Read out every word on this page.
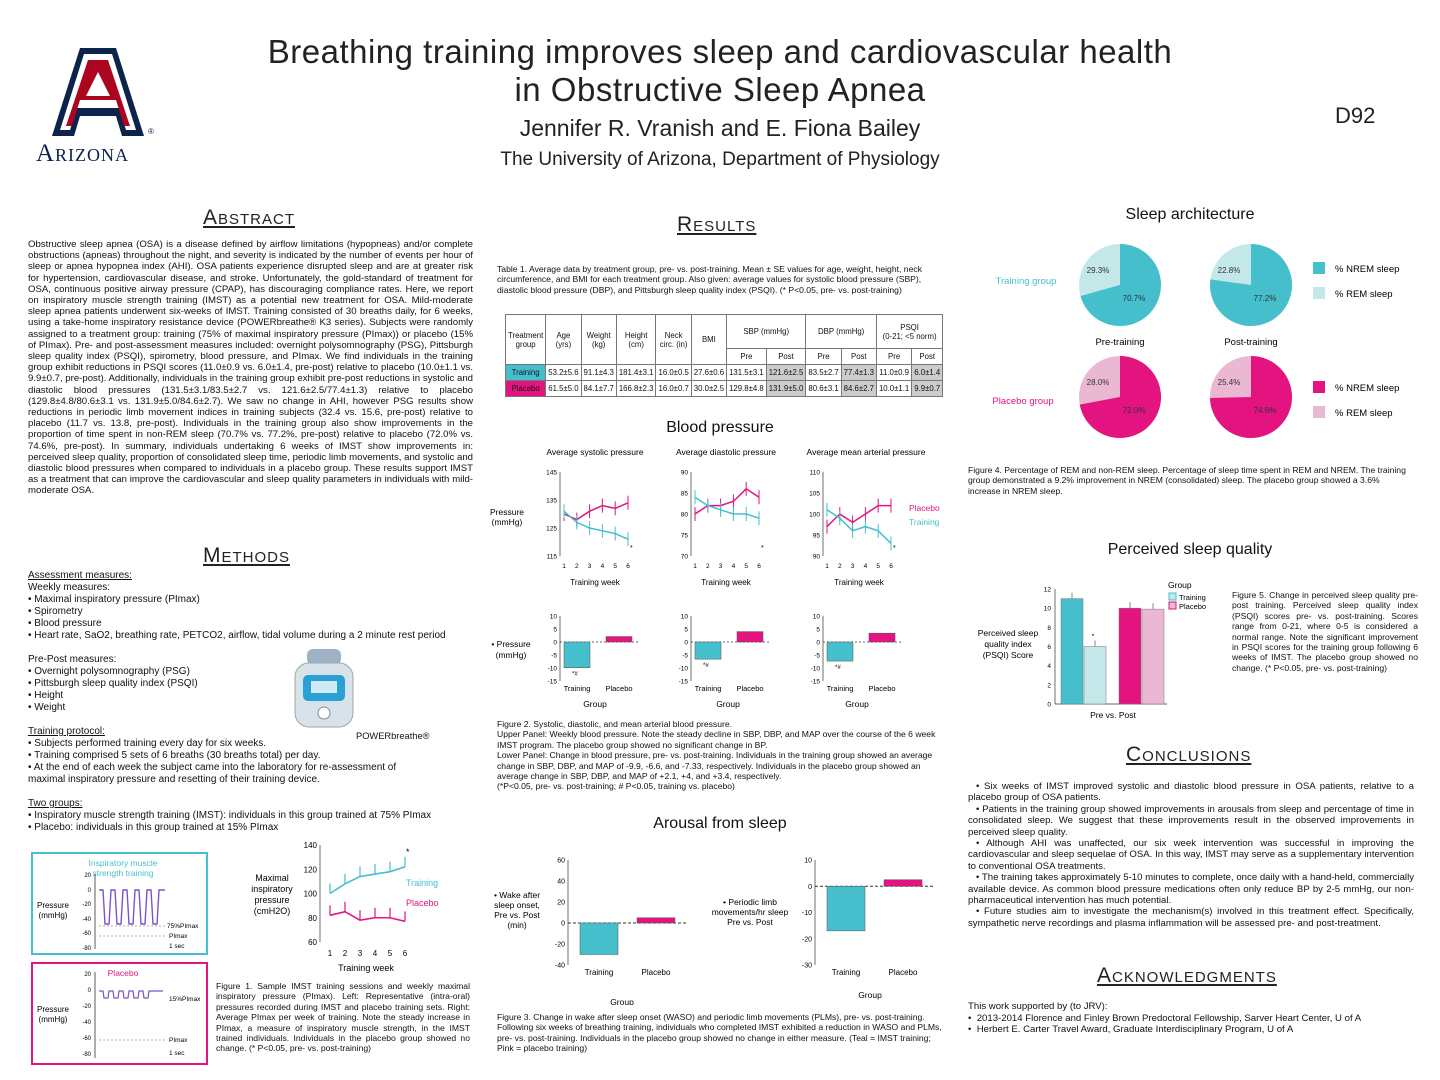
®
Arizona
Breathing training improves sleep and cardiovascular health
in Obstructive Sleep Apnea
Jennifer R. Vranish and E. Fiona Bailey
The University of Arizona, Department of Physiology
D92
Abstract
Obstructive sleep apnea (OSA) is a disease defined by airflow limitations (hypopneas) and/or complete obstructions (apneas) throughout the night, and severity is indicated by the number of events per hour of sleep or apnea hypopnea index (AHI). OSA patients experience disrupted sleep and are at greater risk for hypertension, cardiovascular disease, and stroke. Unfortunately, the gold-standard of treatment for OSA, continuous positive airway pressure (CPAP), has discouraging compliance rates. Here, we report on inspiratory muscle strength training (IMST) as a potential new treatment for OSA. Mild-moderate sleep apnea patients underwent six-weeks of IMST. Training consisted of 30 breaths daily, for 6 weeks, using a take-home inspiratory resistance device (POWERbreathe® K3 series). Subjects were randomly assigned to a treatment group: training (75% of maximal inspiratory pressure (PImax)) or placebo (15% of PImax). Pre- and post-assessment measures included: overnight polysomnography (PSG), Pittsburgh sleep quality index (PSQI), spirometry, blood pressure, and PImax. We find individuals in the training group exhibit reductions in PSQI scores (11.0±0.9 vs. 6.0±1.4, pre-post) relative to placebo (10.0±1.1 vs. 9.9±0.7, pre-post). Additionally, individuals in the training group exhibit pre-post reductions in systolic and diastolic blood pressures (131.5±3.1/83.5±2.7 vs. 121.6±2.5/77.4±1.3) relative to placebo (129.8±4.8/80.6±3.1 vs. 131.9±5.0/84.6±2.7). We saw no change in AHI, however PSG results show reductions in periodic limb movement indices in training subjects (32.4 vs. 15.6, pre-post) relative to placebo (11.7 vs. 13.8, pre-post). Individuals in the training group also show improvements in the proportion of time spent in non-REM sleep (70.7% vs. 77.2%, pre-post) relative to placebo (72.0% vs. 74.6%, pre-post). In summary, individuals undertaking 6 weeks of IMST show improvements in: perceived sleep quality, proportion of consolidated sleep time, periodic limb movements, and systolic and diastolic blood pressures when compared to individuals in a placebo group. These results support IMST as a treatment that can improve the cardiovascular and sleep quality parameters in individuals with mild-moderate OSA.
Methods
Assessment measures:
Weekly measures:
• Maximal inspiratory pressure (PImax)
• Spirometry
• Blood pressure
• Heart rate, SaO2, breathing rate, PETCO2, airflow, tidal volume during a 2 minute rest period
Pre-Post measures:
• Overnight polysomnography (PSG)
• Pittsburgh sleep quality index (PSQI)
• Height
• Weight
Training protocol:
• Subjects performed training every day for six weeks.
• Training comprised 5 sets of 6 breaths (30 breaths total) per day.
• At the end of each week the subject came into the laboratory for re-assessment of
maximal inspiratory pressure and resetting of their training device.
Two groups:
• Inspiratory muscle strength training (IMST): individuals in this group trained at 75% PImax
• Placebo: individuals in this group trained at 15% PImax
POWERbreathe®
Inspiratory muscle
strength training
Pressure
(mmHg)
20
0
-20
-40
-60
-80
75%PImax
PImax
1 sec
Placebo
Pressure
(mmHg)
20
0
-20
-40
-60
-80
15%PImax
PImax
1 sec
Maximal
inspiratory
pressure
(cmH2O)
140
120
100
80
60
1 2 3 4 5 6
Training week
Training
Placebo
*
Figure 1. Sample IMST training sessions and weekly maximal inspiratory pressure (PImax). Left: Representative (intra-oral) pressures recorded during IMST and placebo training sets. Right: Average PImax per week of training. Note the steady increase in PImax, a measure of inspiratory muscle strength, in the IMST trained individuals. Individuals in the placebo group showed no change. (* P<0.05, pre- vs. post-training)
Results
Table 1. Average data by treatment group, pre- vs. post-training. Mean ± SE values for age, weight, height, neck circumference, and BMI for each treatment group. Also given: average values for systolic blood pressure (SBP), diastolic blood pressure (DBP), and Pittsburgh sleep quality index (PSQI). (* P<0.05, pre- vs. post-training)
Treatment group	Age (yrs)	Weight (kg)	Height (cm)	Neck circ. (in)	BMI	SBP (mmHg)		DBP (mmHg)		PSQI
(0-21; <5 norm)	

						Pre	Post	Pre	Post	Pre	Post
Training	53.2±5.6	91.1±4.3	181.4±3.1	16.0±0.5	27.6±0.6	131.5±3.1	121.6±2.5	83.5±2.7	77.4±1.3	11.0±0.9	6.0±1.4
Placebo	61.5±5.0	84.1±7.7	166.8±2.3	16.0±0.7	30.0±2.5	129.8±4.8	131.9±5.0	80.6±3.1	84.6±2.7	10.0±1.1	9.9±0.7
Blood pressure
Average systolic pressure	Average diastolic pressure	Average mean arterial pressure
Pressure
(mmHg)
115
125
135
145
1 2 3 4 5 6
*
70
75
80
85
90
1 2 3 4 5 6
*
90
95
100
105
110
1 2 3 4 5 6
*
Training week	Training week	Training week
Placebo
Training
• Pressure
(mmHg)
10
5
0
-5
-10
-15
Training Placebo
*#
10
5
0
-5
-10
-15
Training Placebo
*#
10
5
0
-5
-10
-15
Training Placebo
*#
Group	Group	Group
Figure 2. Systolic, diastolic, and mean arterial blood pressure.
Upper Panel: Weekly blood pressure. Note the steady decline in SBP, DBP, and MAP over the course of the 6 week IMST program. The placebo group showed no significant change in BP.
Lower Panel: Change in blood pressure, pre- vs. post-training. Individuals in the training group showed an average change in SBP, DBP, and MAP of -9.9, -6.6, and -7.33, respectively. Individuals in the placebo group showed an average change in SBP, DBP, and MAP of +2.1, +4, and +3.4, respectively.
(*P<0.05, pre- vs. post-training; # P<0.05, training vs. placebo)
Arousal from sleep
• Wake after
sleep onset,
Pre vs. Post
(min)
• Periodic limb
movements/hr sleep
Pre vs. Post
60
40
20
0
-20
-40
Training	Placebo
10
0
-10
-20
-30
Training	Placebo
Group
Group
Figure 3. Change in wake after sleep onset (WASO) and periodic limb movements (PLMs), pre- vs. post-training. Following six weeks of breathing training, individuals who completed IMST exhibited a reduction in WASO and PLMs, pre- vs. post-training. Individuals in the placebo group showed no change in either measure. (Teal = IMST training; Pink = placebo training)
Sleep architecture
Training group
Placebo group
Pre-training	Post-training
70.7%
29.3%
77.2%
22.8%
72.0%
28.0%
74.6%
25.4%
% NREM sleep
% REM sleep
% NREM sleep
% REM sleep
Figure 4. Percentage of REM and non-REM sleep. Percentage of sleep time spent in REM and NREM. The training group demonstrated a 9.2% improvement in NREM (consolidated) sleep. The placebo group showed a 3.6% increase in NREM sleep.
Perceived sleep quality
Perceived sleep
quality index
(PSQI) Score
0
2
4
6
8
10
12
*
Pre vs. Post
Group
Training
Placebo
Figure 5. Change in perceived sleep quality pre-post training. Perceived sleep quality index (PSQI) scores pre- vs. post-training. Scores range from 0-21, where 0-5 is considered a normal range. Note the significant improvement in PSQI scores for the training group following 6 weeks of IMST. The placebo group showed no change. (* P<0.05, pre- vs. post-training)
Conclusions
• Six weeks of IMST improved systolic and diastolic blood pressure in OSA patients, relative to a placebo group of OSA patients.
• Patients in the training group showed improvements in arousals from sleep and percentage of time in consolidated sleep. We suggest that these improvements result in the observed improvements in perceived sleep quality.
• Although AHI was unaffected, our six week intervention was successful in improving the cardiovascular and sleep sequelae of OSA. In this way, IMST may serve as a supplementary intervention to conventional OSA treatments.
• The training takes approximately 5-10 minutes to complete, once daily with a hand-held, commercially available device. As common blood pressure medications often only reduce BP by 2-5 mmHg, our non-pharmaceutical intervention has much potential.
• Future studies aim to investigate the mechanism(s) involved in this treatment effect. Specifically, sympathetic nerve recordings and plasma inflammation will be assessed pre- and post-treatment.
Acknowledgments
This work supported by (to JRV):
•  2013-2014 Florence and Finley Brown Predoctoral Fellowship, Sarver Heart Center, U of A
•  Herbert E. Carter Travel Award, Graduate Interdisciplinary Program, U of A
